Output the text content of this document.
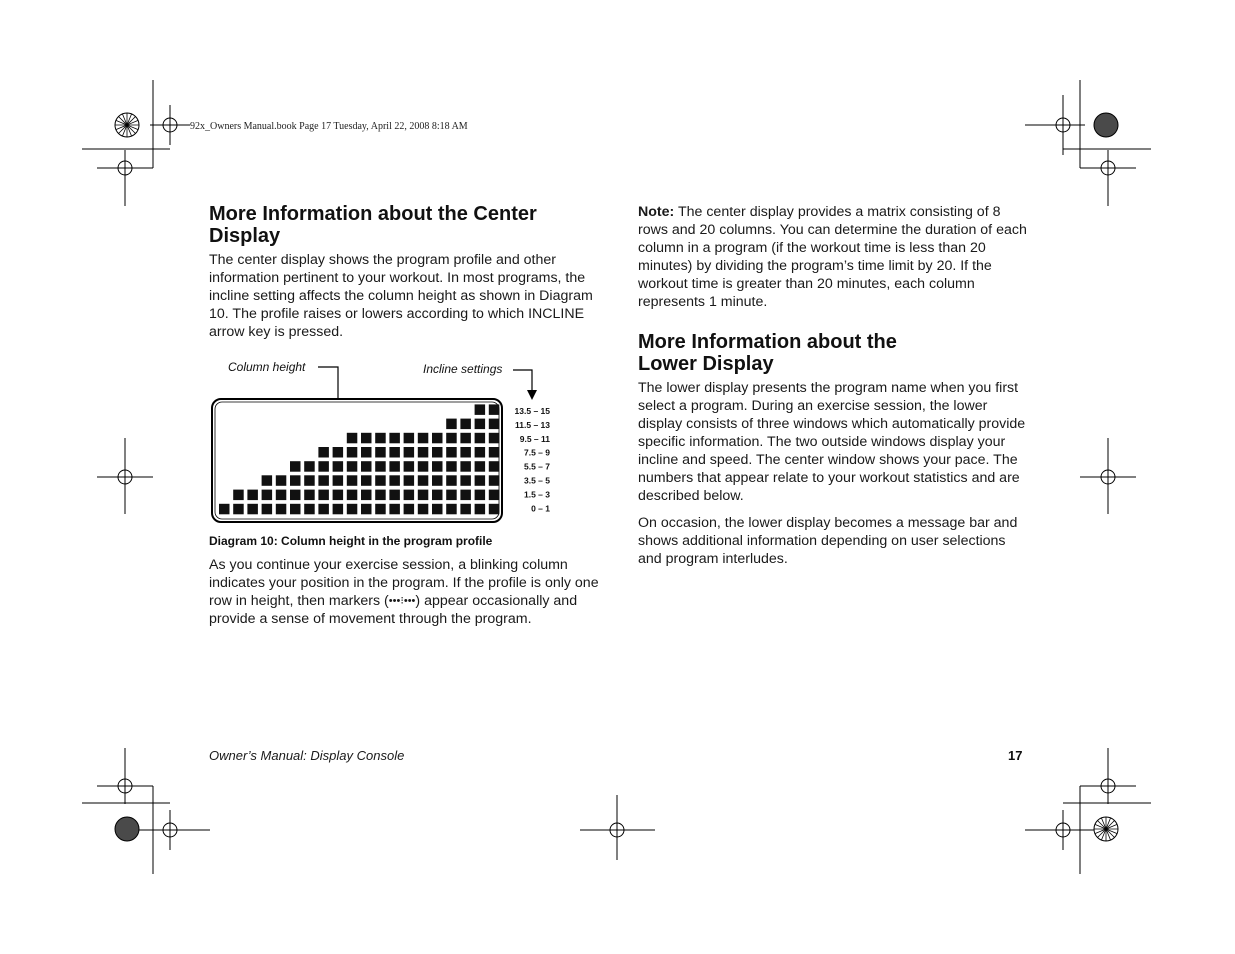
92x_Owners Manual.book Page 17 Tuesday, April 22, 2008 8:18 AM
More Information about the Center
Display

The center display shows the program profile and other information pertinent to your workout. In most programs, the incline setting affects the column height as shown in Diagram 10. The profile raises or lowers according to which INCLINE arrow key is pressed.

Column height	Incline settings
13.5 – 15
11.5 – 13
9.5 – 11
7.5 – 9
5.5 – 7
3.5 – 5
1.5 – 3
0 – 1
Diagram 10: Column height in the program profile

As you continue your exercise session, a blinking column indicates your position in the program. If the profile is only one row in height, then markers (•••⁝•••) appear occasionally and provide a sense of movement through the program.

Note: The center display provides a matrix consisting of 8 rows and 20 columns. You can determine the duration of each column in a program (if the workout time is less than 20 minutes) by dividing the program’s time limit by 20. If the workout time is greater than 20 minutes, each column represents 1 minute.

More Information about the
Lower Display

The lower display presents the program name when you first select a program. During an exercise session, the lower display consists of three windows which automatically provide specific information. The two outside windows display your incline and speed. The center window shows your pace. The numbers that appear relate to your workout statistics and are described below.

On occasion, the lower display becomes a message bar and shows additional information depending on user selections and program interludes.

Owner’s Manual: Display Console	17
